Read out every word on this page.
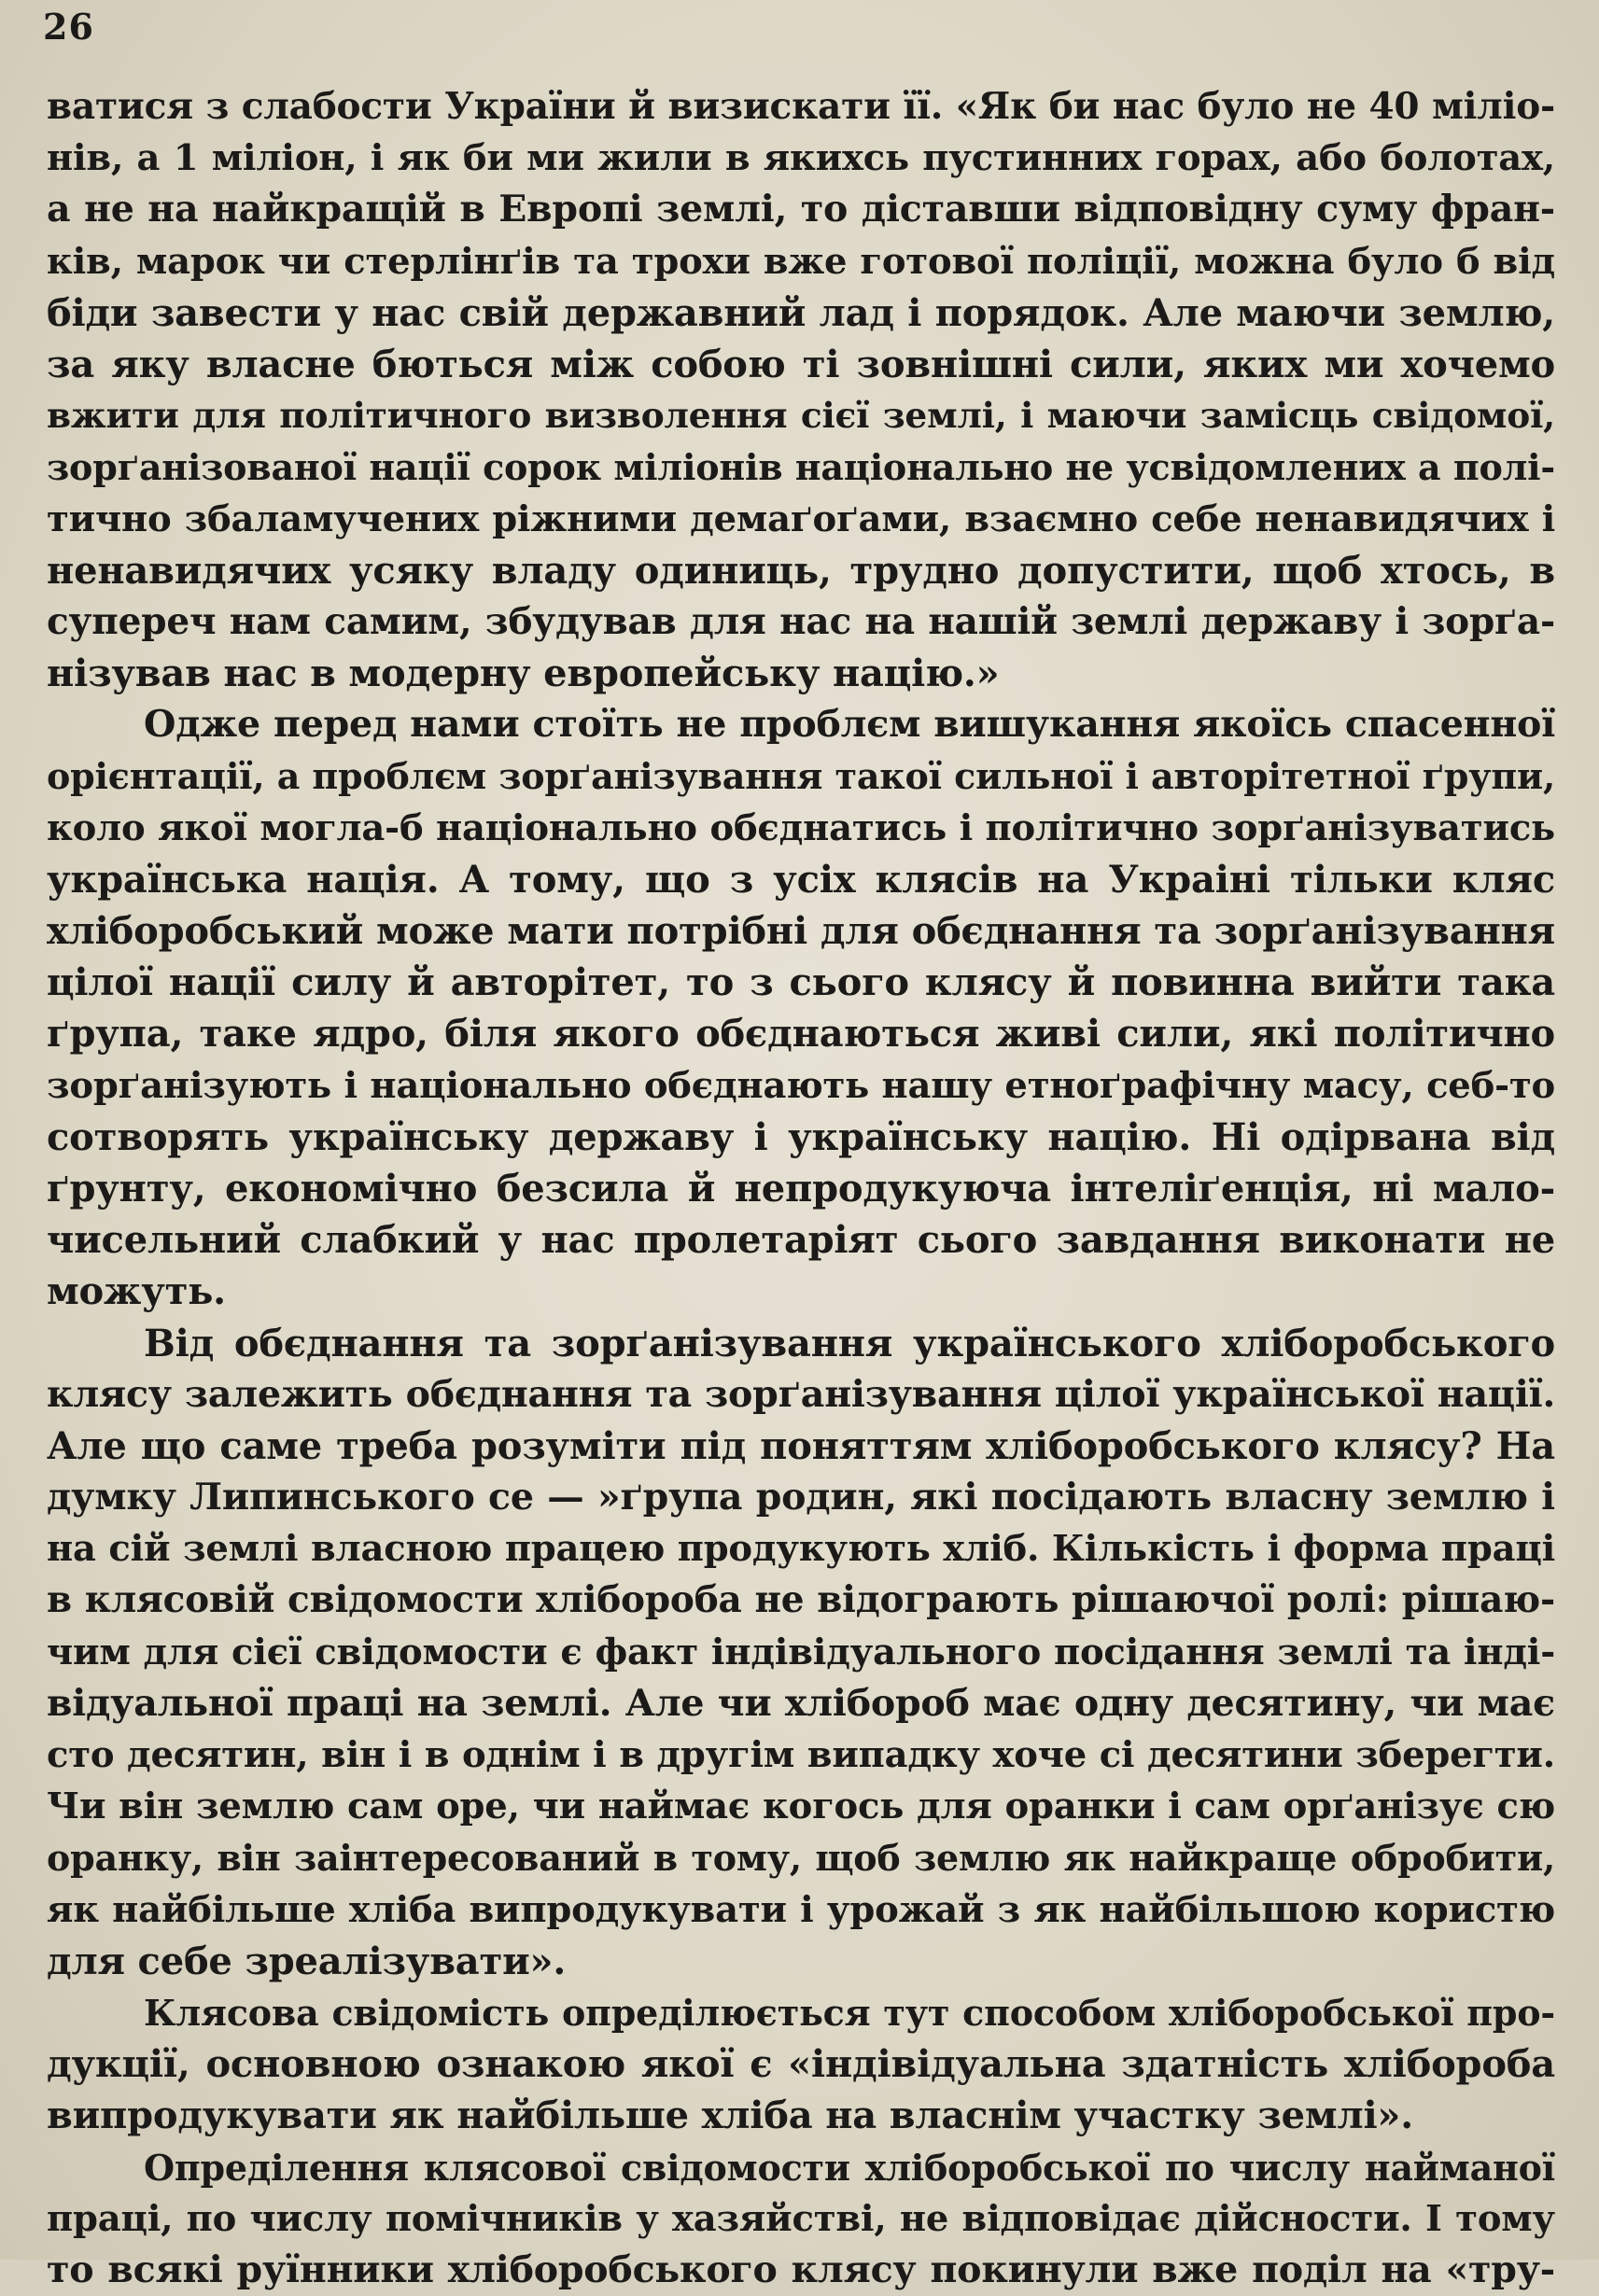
26
ватися з слабости України й визискати її. «Як би нас було не 40 міліо-
нів, а 1 міліон, і як би ми жили в якихсь пустинних горах, або болотах,
а не на найкращій в Европі землі, то діставши відповідну суму фран-
ків, марок чи стерлінґів та трохи вже готової поліції, можна було б від
біди завести у нас свій державний лад і порядок. Але маючи землю,
за яку власне бються між собою ті зовнішні сили, яких ми хочемо
вжити для політичного визволення сієї землі, і маючи замісць свідомої,
зорґанізованої нації сорок міліонів національно не усвідомлених а полі-
тично збаламучених ріжними демаґоґами, взаємно себе ненавидячих і
ненавидячих усяку владу одиниць, трудно допустити, щоб хтось, в
супереч нам самим, збудував для нас на нашій землі державу і зорґа-
нізував нас в модерну европейську націю.»
Одже перед нами стоїть не проблєм вишукання якоїсь спасенної
орієнтації, а проблєм зорґанізування такої сильної і авторітетної ґрупи,
коло якої могла-б національно обєднатись і політично зорґанізуватись
українська нація. А тому, що з усіх клясів на Украіні тільки кляс
хліборобський може мати потрібні для обєднання та зорґанізування
цілої нації силу й авторітет, то з сього клясу й повинна вийти така
ґрупа, таке ядро, біля якого обєднаються живі сили, які політично
зорґанізують і національно обєднають нашу етноґрафічну масу, себ-то
сотворять українську державу і українську націю. Ні одірвана від
ґрунту, економічно безсила й непродукуюча інтеліґенція, ні мало-
чисельний слабкий у нас пролетарiят сього завдання виконати не
можуть.
Від обєднання та зорґанізування українського хліборобського
клясу залежить обєднання та зорґанізування цілої української нації.
Але що саме треба розуміти під поняттям хліборобського клясу? На
думку Липинського се — »ґрупа родин, які посідають власну землю і
на сій землі власною працею продукують хліб. Кількість і форма праці
в клясовій свідомости хлібороба не відограють рішаючої ролі: рішаю-
чим для сієї свідомости є факт індівідуального посідання землі та інді-
відуальної праці на землі. Але чи хлібороб має одну десятину, чи має
сто десятин, він і в однім і в другім випадку хоче сі десятини зберегти.
Чи він землю сам оре, чи наймає когось для оранки і сам орґанізує сю
оранку, він заінтересований в тому, щоб землю як найкраще обробити,
як найбільше хліба випродукувати і урожай з як найбільшою користю
для себе зреалізувати».
Клясова свідомість опреділюється тут способом хліборобської про-
дукції, основною ознакою якої є «індівідуальна здатність хлібороба
випродукувати як найбільше хліба на власнім участку землі».
Опреділення клясової свідомости хліборобської по числу найманої
праці, по числу помічників у хазяйстві, не відповідає дійсности. І тому
то всякі руїнники хліборобського клясу покинули вже поділ на «тру-
